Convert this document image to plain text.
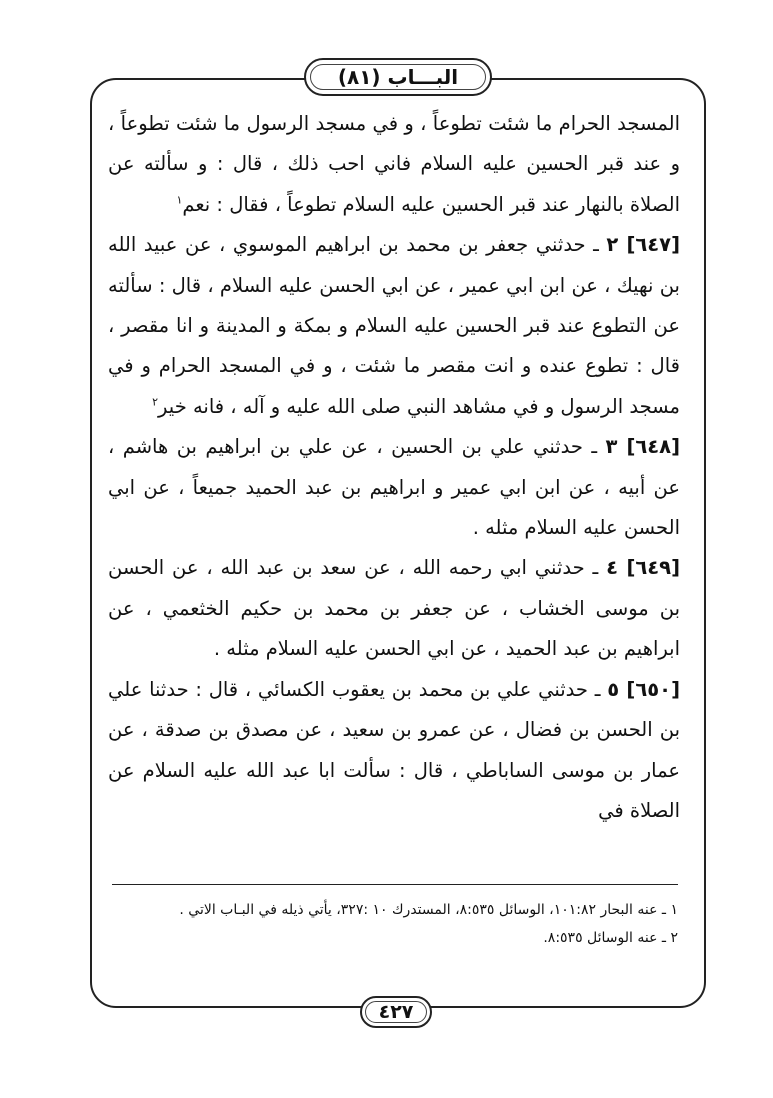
البـــاب (٨١)

المسجد الحرام ما شئت تطوعاً ، و في مسجد الرسول ما شئت تطوعاً ، و عند قبر الحسين عليه السلام فاني احب ذلك ، قال : و سألته عن الصلاة بالنهار عند قبر الحسين عليه السلام تطوعاً ، فقال : نعم$^١$

[٦٤٧] ٢ ـ حدثني جعفر بن محمد بن ابراهيم الموسوي ، عن عبيد الله بن نهيك ، عن ابن ابي عمير ، عن ابي الحسن عليه السلام ، قال : سألته عن التطوع عند قبر الحسين عليه السلام و بمكة و المدينة و انا مقصر ، قال : تطوع عنده و انت مقصر ما شئت ، و في المسجد الحرام و في مسجد الرسول و في مشاهد النبي صلى الله عليه و آله ، فانه خير$^٢$

[٦٤٨] ٣ ـ حدثني علي بن الحسين ، عن علي بن ابراهيم بن هاشم ، عن أبيه ، عن ابن ابي عمير و ابراهيم بن عبد الحميد جميعاً ، عن ابي الحسن عليه السلام مثله .

[٦٤٩] ٤ ـ حدثني ابي رحمه الله ، عن سعد بن عبد الله ، عن الحسن بن موسى الخشاب ، عن جعفر بن محمد بن حكيم الخثعمي ، عن ابراهيم بن عبد الحميد ، عن ابي الحسن عليه السلام مثله .

[٦٥٠] ٥ ـ حدثني علي بن محمد بن يعقوب الكسائي ، قال : حدثنا علي بن الحسن بن فضال ، عن عمرو بن سعيد ، عن مصدق بن صدقة ، عن عمار بن موسى الساباطي ، قال : سألت ابا عبد الله عليه السلام عن الصلاة في

١ ـ عنه البحار ١٠١:٨٢، الوسائل ٨:٥٣٥، المستدرك ١٠ :٣٢٧، يأتي ذيله في البـاب الاتي .

٢ ـ عنه الوسائل ٨:٥٣٥.

٤٢٧
